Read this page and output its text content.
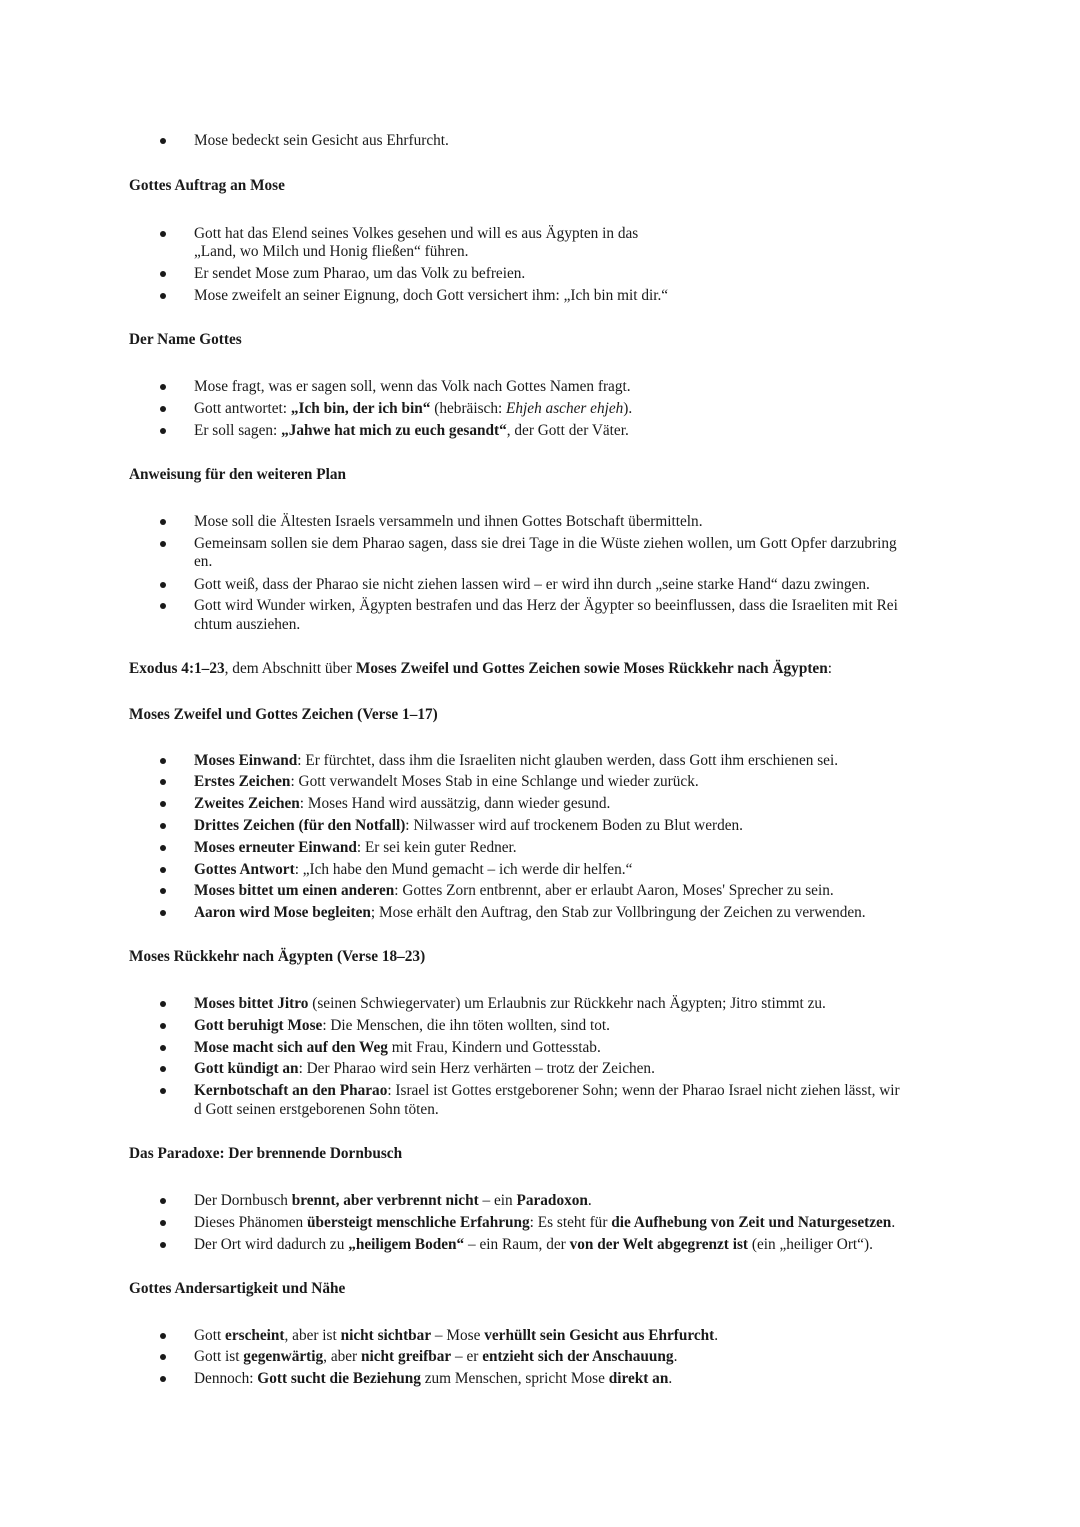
Mose bedeckt sein Gesicht aus Ehrfurcht.
Gottes Auftrag an Mose
Gott hat das Elend seines Volkes gesehen und will es aus Ägypten in das
„Land, wo Milch und Honig fließen“ führen.
Er sendet Mose zum Pharao, um das Volk zu befreien.
Mose zweifelt an seiner Eignung, doch Gott versichert ihm: „Ich bin mit dir.“
Der Name Gottes
Mose fragt, was er sagen soll, wenn das Volk nach Gottes Namen fragt.
Gott antwortet: „Ich bin, der ich bin“ (hebräisch: Ehjeh ascher ehjeh).
Er soll sagen: „Jahwe hat mich zu euch gesandt“, der Gott der Väter.
Anweisung für den weiteren Plan
Mose soll die Ältesten Israels versammeln und ihnen Gottes Botschaft übermitteln.
Gemeinsam sollen sie dem Pharao sagen, dass sie drei Tage in die Wüste ziehen wollen, um Gott Opfer darzubring
en.
Gott weiß, dass der Pharao sie nicht ziehen lassen wird – er wird ihn durch „seine starke Hand“ dazu zwingen.
Gott wird Wunder wirken, Ägypten bestrafen und das Herz der Ägypter so beeinflussen, dass die Israeliten mit Rei
chtum ausziehen.
Exodus 4:1–23, dem Abschnitt über Moses Zweifel und Gottes Zeichen sowie Moses Rückkehr nach Ägypten:
Moses Zweifel und Gottes Zeichen (Verse 1–17)
Moses Einwand: Er fürchtet, dass ihm die Israeliten nicht glauben werden, dass Gott ihm erschienen sei.
Erstes Zeichen: Gott verwandelt Moses Stab in eine Schlange und wieder zurück.
Zweites Zeichen: Moses Hand wird aussätzig, dann wieder gesund.
Drittes Zeichen (für den Notfall): Nilwasser wird auf trockenem Boden zu Blut werden.
Moses erneuter Einwand: Er sei kein guter Redner.
Gottes Antwort: „Ich habe den Mund gemacht – ich werde dir helfen.“
Moses bittet um einen anderen: Gottes Zorn entbrennt, aber er erlaubt Aaron, Moses' Sprecher zu sein.
Aaron wird Mose begleiten; Mose erhält den Auftrag, den Stab zur Vollbringung der Zeichen zu verwenden.
Moses Rückkehr nach Ägypten (Verse 18–23)
Moses bittet Jitro (seinen Schwiegervater) um Erlaubnis zur Rückkehr nach Ägypten; Jitro stimmt zu.
Gott beruhigt Mose: Die Menschen, die ihn töten wollten, sind tot.
Mose macht sich auf den Weg mit Frau, Kindern und Gottesstab.
Gott kündigt an: Der Pharao wird sein Herz verhärten – trotz der Zeichen.
Kernbotschaft an den Pharao: Israel ist Gottes erstgeborener Sohn; wenn der Pharao Israel nicht ziehen lässt, wir
d Gott seinen erstgeborenen Sohn töten.
Das Paradoxe: Der brennende Dornbusch
Der Dornbusch brennt, aber verbrennt nicht – ein Paradoxon.
Dieses Phänomen übersteigt menschliche Erfahrung: Es steht für die Aufhebung von Zeit und Naturgesetzen.
Der Ort wird dadurch zu „heiligem Boden“ – ein Raum, der von der Welt abgegrenzt ist (ein „heiliger Ort“).
Gottes Andersartigkeit und Nähe
Gott erscheint, aber ist nicht sichtbar – Mose verhüllt sein Gesicht aus Ehrfurcht.
Gott ist gegenwärtig, aber nicht greifbar – er entzieht sich der Anschauung.
Dennoch: Gott sucht die Beziehung zum Menschen, spricht Mose direkt an.
